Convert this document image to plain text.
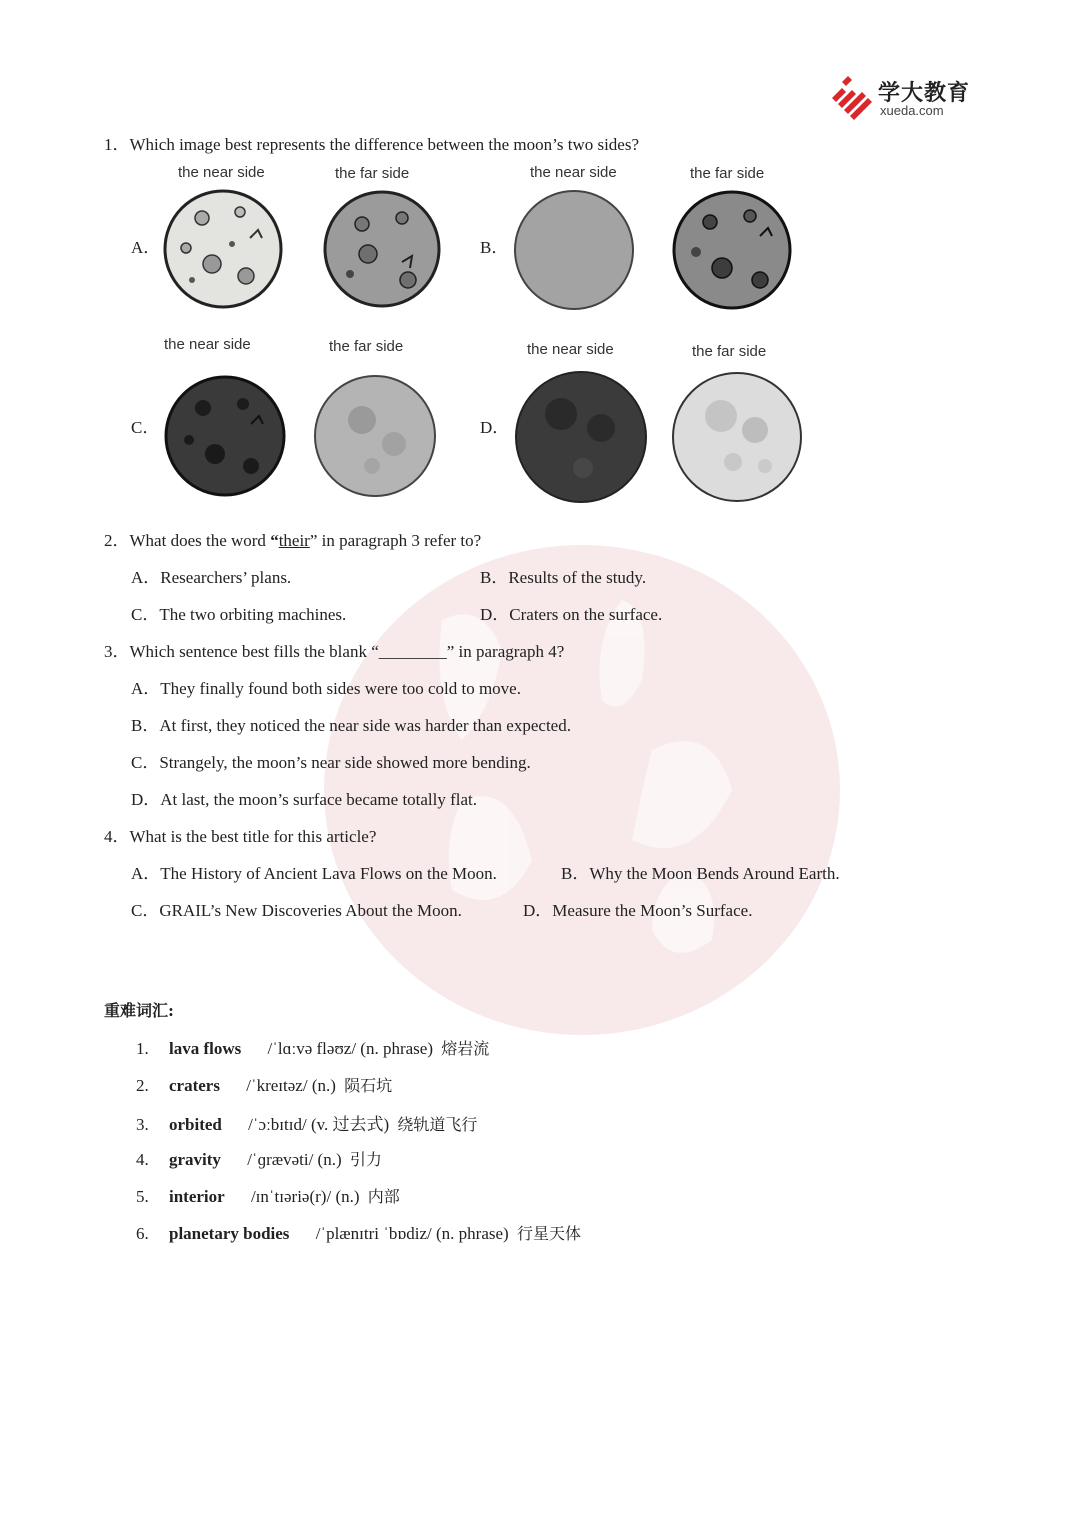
学大教育
xueda.com
1．Which image best represents the difference between the moon’s two sides?
the near side	the far side
A．
the near side	the far side
B．
the near side	the far side
C．
the near side	the far side
D．
2．What does the word “their” in paragraph 3 refer to?
A．Researchers’ plans.	B．Results of the study.
C．The two orbiting machines.	D．Craters on the surface.
3．Which sentence best fills the blank “________” in paragraph 4?
A．They finally found both sides were too cold to move.
B．At first, they noticed the near side was harder than expected.
C．Strangely, the moon’s near side showed more bending.
D．At last, the moon’s surface became totally flat.
4．What is the best title for this article?
A．The History of Ancient Lava Flows on the Moon.	B．Why the Moon Bends Around Earth.
C．GRAIL’s New Discoveries About the Moon.	D．Measure the Moon’s Surface.
重难词汇:
1. lava flows /ˈlɑːvə fləʊz/ (n. phrase) 熔岩流
2. craters /ˈkreɪtəz/ (n.) 陨石坑
3. orbited /ˈɔːbɪtɪd/ (v. 过去式) 绕轨道飞行
4. gravity /ˈɡrævəti/ (n.) 引力
5. interior /ɪnˈtɪəriə(r)/ (n.) 内部
6. planetary bodies /ˈplænɪtri ˈbɒdiz/ (n. phrase) 行星天体
